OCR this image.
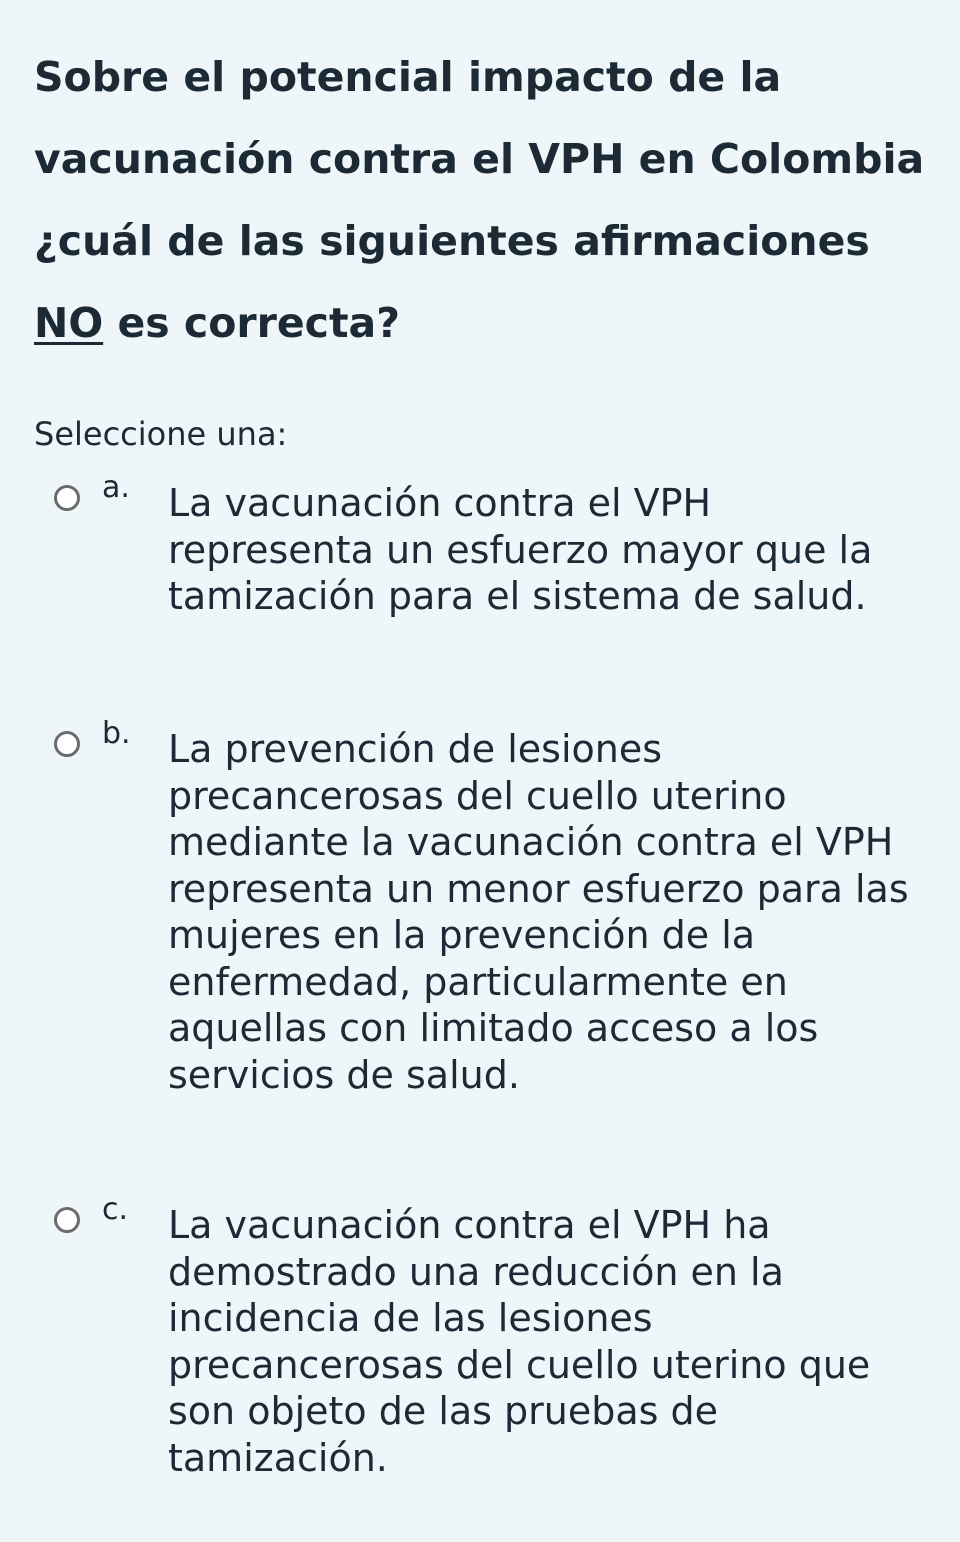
Sobre el potencial impacto de la vacunación contra el VPH en Colombia ¿cuál de las siguientes afirmaciones NO es correcta?

Seleccione una:

a. La vacunación contra el VPH representa un esfuerzo mayor que la tamización para el sistema de salud.

b. La prevención de lesiones precancerosas del cuello uterino mediante la vacunación contra el VPH representa un menor esfuerzo para las mujeres en la prevención de la enfermedad, particularmente en aquellas con limitado acceso a los servicios de salud.

c. La vacunación contra el VPH ha demostrado una reducción en la incidencia de las lesiones precancerosas del cuello uterino que son objeto de las pruebas de tamización.
